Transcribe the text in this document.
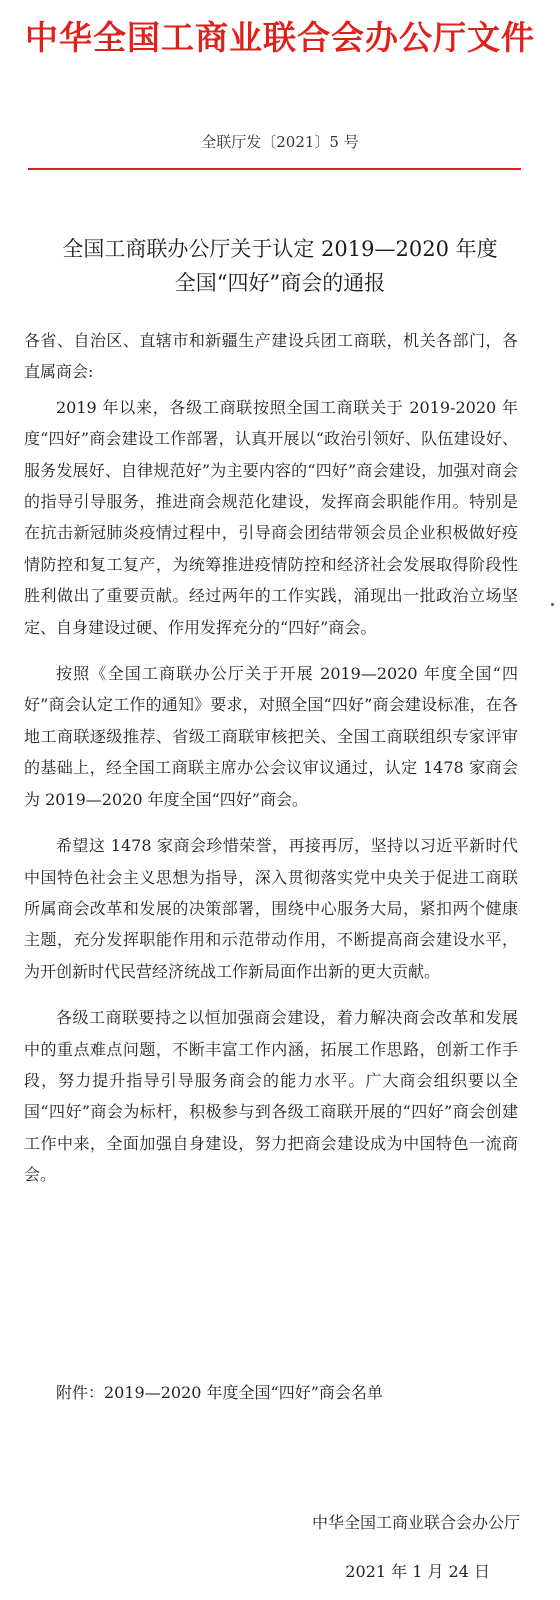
中华全国工商业联合会办公厅文件
全联厅发〔2021〕5 号
全国工商联办公厅关于认定 2019—2020 年度
全国“四好”商会的通报

各省、自治区、直辖市和新疆生产建设兵团工商联，机关各部门，各直属商会:

2019 年以来，各级工商联按照全国工商联关于 2019-2020 年度“四好”商会建设工作部署，认真开展以“政治引领好、队伍建设好、服务发展好、自律规范好”为主要内容的“四好”商会建设，加强对商会的指导引导服务，推进商会规范化建设，发挥商会职能作用。特别是在抗击新冠肺炎疫情过程中，引导商会团结带领会员企业积极做好疫情防控和复工复产，为统筹推进疫情防控和经济社会发展取得阶段性胜利做出了重要贡献。经过两年的工作实践，涌现出一批政治立场坚定、自身建设过硬、作用发挥充分的“四好”商会。

按照《全国工商联办公厅关于开展 2019—2020 年度全国“四好”商会认定工作的通知》要求，对照全国“四好”商会建设标准，在各地工商联逐级推荐、省级工商联审核把关、全国工商联组织专家评审的基础上，经全国工商联主席办公会议审议通过，认定 1478 家商会为 2019—2020 年度全国“四好”商会。

希望这 1478 家商会珍惜荣誉，再接再厉，坚持以习近平新时代中国特色社会主义思想为指导，深入贯彻落实党中央关于促进工商联所属商会改革和发展的决策部署，围绕中心服务大局，紧扣两个健康主题，充分发挥职能作用和示范带动作用，不断提高商会建设水平，为开创新时代民营经济统战工作新局面作出新的更大贡献。

各级工商联要持之以恒加强商会建设，着力解决商会改革和发展中的重点难点问题，不断丰富工作内涵，拓展工作思路，创新工作手段，努力提升指导引导服务商会的能力水平。广大商会组织要以全国“四好”商会为标杆，积极参与到各级工商联开展的“四好”商会创建工作中来，全面加强自身建设，努力把商会建设成为中国特色一流商会。

附件：2019—2020 年度全国“四好”商会名单
中华全国工商业联合会办公厅
2021 年 1 月 24 日
